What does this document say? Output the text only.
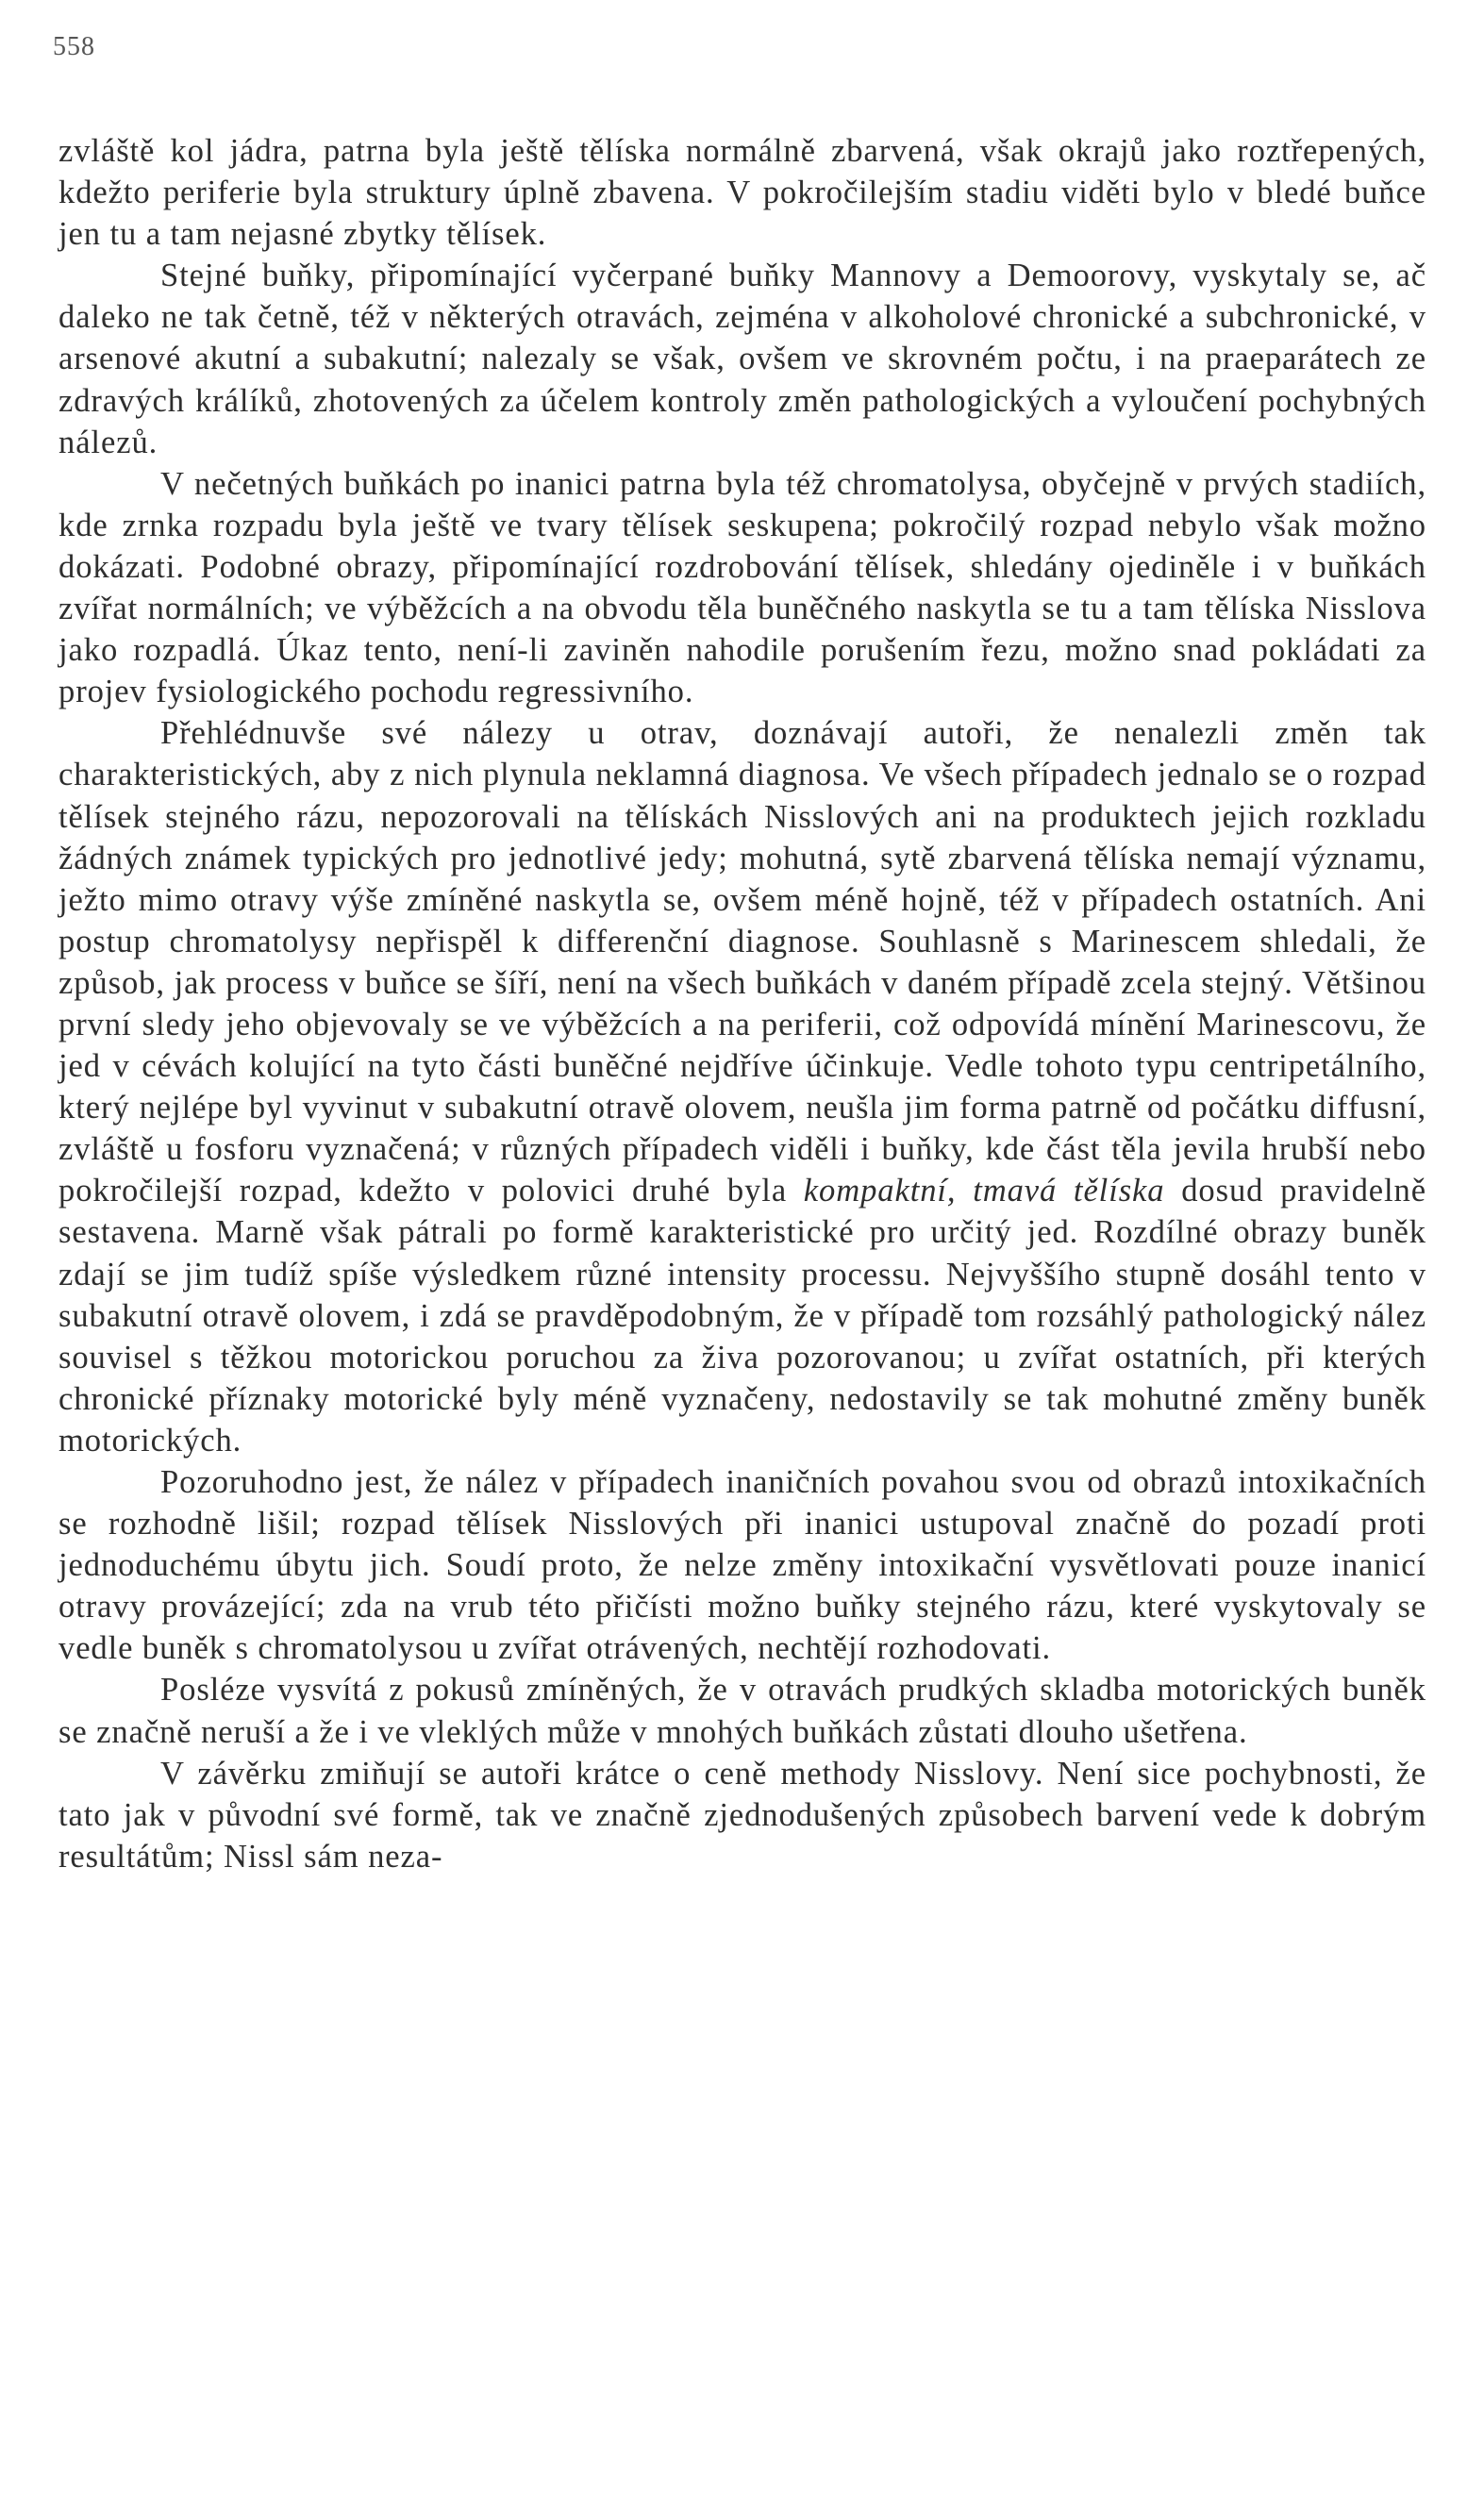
558

zvláště kol jádra, patrna byla ještě tělíska normálně zbarvená, však okrajů jako roztřepených, kdežto periferie byla struktury úplně zbavena. V pokročilejším stadiu viděti bylo v bledé buňce jen tu a tam nejasné zbytky tělísek.

Stejné buňky, připomínající vyčerpané buňky Mannovy a Demoorovy, vyskytaly se, ač daleko ne tak četně, též v některých otravách, zejména v alkoholové chronické a subchronické, v arsenové akutní a subakutní; nalezaly se však, ovšem ve skrovném počtu, i na praeparátech ze zdravých králíků, zhotovených za účelem kontroly změn pathologických a vyloučení pochybných nálezů.

V nečetných buňkách po inanici patrna byla též chromatolysa, obyčejně v prvých stadiích, kde zrnka rozpadu byla ještě ve tvary tělísek seskupena; pokročilý rozpad nebylo však možno dokázati. Podobné obrazy, připomínající rozdrobování tělísek, shledány ojediněle i v buňkách zvířat normálních; ve výběžcích a na obvodu těla buněčného naskytla se tu a tam tělíska Nisslova jako rozpadlá. Úkaz tento, není-li zaviněn nahodile porušením řezu, možno snad pokládati za projev fysiologického pochodu regressivního.

Přehlédnuvše své nálezy u otrav, doznávají autoři, že nenalezli změn tak charakteristických, aby z nich plynula neklamná diagnosa. Ve všech případech jednalo se o rozpad tělísek stejného rázu, nepozorovali na tělískách Nisslových ani na produktech jejich rozkladu žádných známek typických pro jednotlivé jedy; mohutná, sytě zbarvená tělíska nemají významu, ježto mimo otravy výše zmíněné naskytla se, ovšem méně hojně, též v případech ostatních. Ani postup chromatolysy nepřispěl k differenční diagnose. Souhlasně s Marinescem shledali, že způsob, jak process v buňce se šíří, není na všech buňkách v daném případě zcela stejný. Většinou první sledy jeho objevovaly se ve výběžcích a na periferii, což odpovídá mínění Marinescovu, že jed v cévách kolující na tyto části buněčné nejdříve účinkuje. Vedle tohoto typu centripetálního, který nejlépe byl vyvinut v subakutní otravě olovem, neušla jim forma patrně od počátku diffusní, zvláště u fosforu vyznačená; v různých případech viděli i buňky, kde část těla jevila hrubší nebo pokročilejší rozpad, kdežto v polovici druhé byla kompaktní, tmavá tělíska dosud pravidelně sestavena. Marně však pátrali po formě karakteristické pro určitý jed. Rozdílné obrazy buněk zdají se jim tudíž spíše výsledkem různé intensity processu. Nejvyššího stupně dosáhl tento v subakutní otravě olovem, i zdá se pravděpodobným, že v případě tom rozsáhlý pathologický nález souvisel s těžkou motorickou poruchou za živa pozorovanou; u zvířat ostatních, při kterých chronické příznaky motorické byly méně vyznačeny, nedostavily se tak mohutné změny buněk motorických.

Pozoruhodno jest, že nález v případech inaničních povahou svou od obrazů intoxikačních se rozhodně lišil; rozpad tělísek Nisslových při inanici ustupoval značně do pozadí proti jednoduchému úbytu jich. Soudí proto, že nelze změny intoxikační vysvětlovati pouze inanicí otravy provázející; zda na vrub této přičísti možno buňky stejného rázu, které vyskytovaly se vedle buněk s chromatolysou u zvířat otrávených, nechtějí rozhodovati.

Posléze vysvítá z pokusů zmíněných, že v otravách prudkých skladba motorických buněk se značně neruší a že i ve vleklých může v mnohých buňkách zůstati dlouho ušetřena.

V závěrku zmiňují se autoři krátce o ceně methody Nisslovy. Není sice pochybnosti, že tato jak v původní své formě, tak ve značně zjednodušených způsobech barvení vede k dobrým resultátům; Nissl sám neza-
